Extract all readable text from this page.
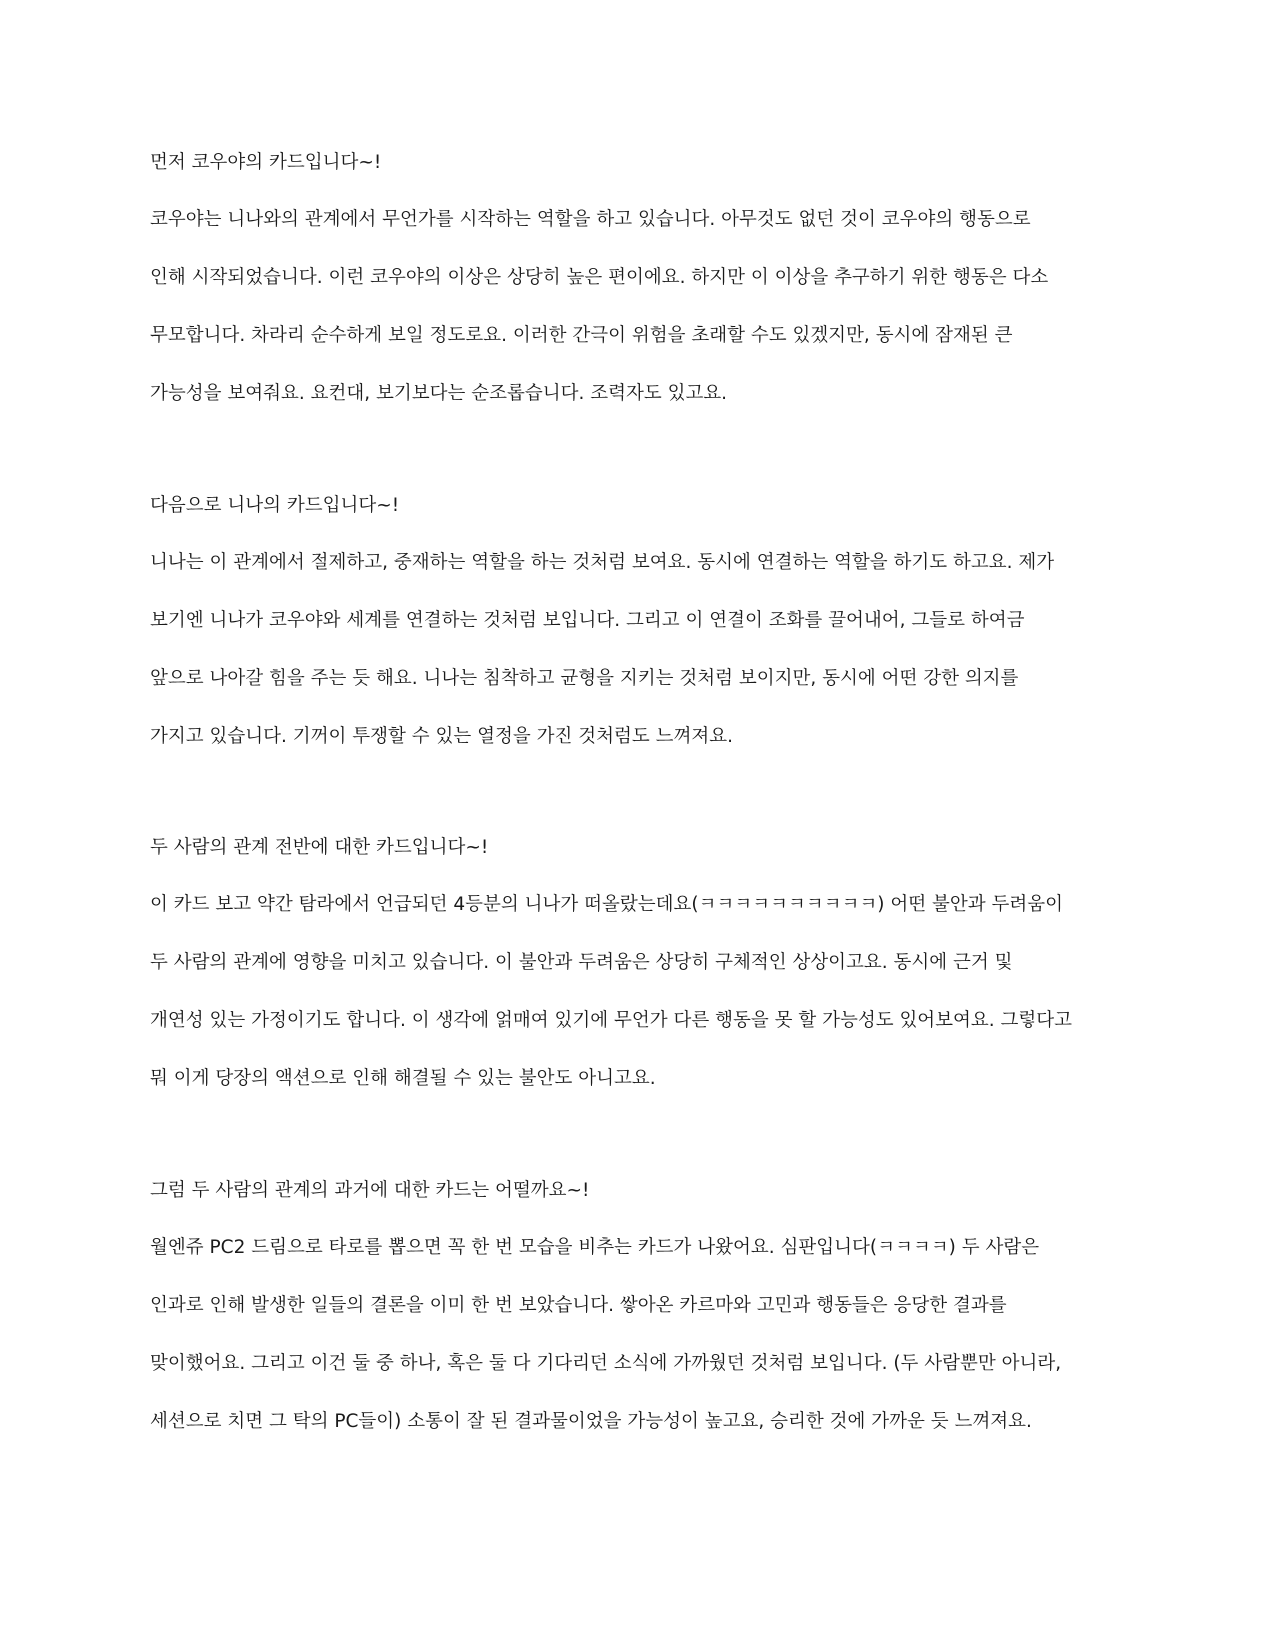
먼저 코우야의 카드입니다~!
코우야는 니나와의 관계에서 무언가를 시작하는 역할을 하고 있습니다. 아무것도 없던 것이 코우야의 행동으로
인해 시작되었습니다. 이런 코우야의 이상은 상당히 높은 편이에요. 하지만 이 이상을 추구하기 위한 행동은 다소
무모합니다. 차라리 순수하게 보일 정도로요. 이러한 간극이 위험을 초래할 수도 있겠지만, 동시에 잠재된 큰
가능성을 보여줘요. 요컨대, 보기보다는 순조롭습니다. 조력자도 있고요.
다음으로 니나의 카드입니다~!
니나는 이 관계에서 절제하고, 중재하는 역할을 하는 것처럼 보여요. 동시에 연결하는 역할을 하기도 하고요. 제가
보기엔 니나가 코우야와 세계를 연결하는 것처럼 보입니다. 그리고 이 연결이 조화를 끌어내어, 그들로 하여금
앞으로 나아갈 힘을 주는 듯 해요. 니나는 침착하고 균형을 지키는 것처럼 보이지만, 동시에 어떤 강한 의지를
가지고 있습니다. 기꺼이 투쟁할 수 있는 열정을 가진 것처럼도 느껴져요.
두 사람의 관계 전반에 대한 카드입니다~!
이 카드 보고 약간 탐라에서 언급되던 4등분의 니나가 떠올랐는데요(ㅋㅋㅋㅋㅋㅋㅋㅋㅋㅋ) 어떤 불안과 두려움이
두 사람의 관계에 영향을 미치고 있습니다. 이 불안과 두려움은 상당히 구체적인 상상이고요. 동시에 근거 및
개연성 있는 가정이기도 합니다. 이 생각에 얽매여 있기에 무언가 다른 행동을 못 할 가능성도 있어보여요. 그렇다고
뭐 이게 당장의 액션으로 인해 해결될 수 있는 불안도 아니고요.
그럼 두 사람의 관계의 과거에 대한 카드는 어떨까요~!
월엔쥬 PC2 드림으로 타로를 뽑으면 꼭 한 번 모습을 비추는 카드가 나왔어요. 심판입니다(ㅋㅋㅋㅋ) 두 사람은
인과로 인해 발생한 일들의 결론을 이미 한 번 보았습니다. 쌓아온 카르마와 고민과 행동들은 응당한 결과를
맞이했어요. 그리고 이건 둘 중 하나, 혹은 둘 다 기다리던 소식에 가까웠던 것처럼 보입니다. (두 사람뿐만 아니라,
세션으로 치면 그 탁의 PC들이) 소통이 잘 된 결과물이었을 가능성이 높고요, 승리한 것에 가까운 듯 느껴져요.
